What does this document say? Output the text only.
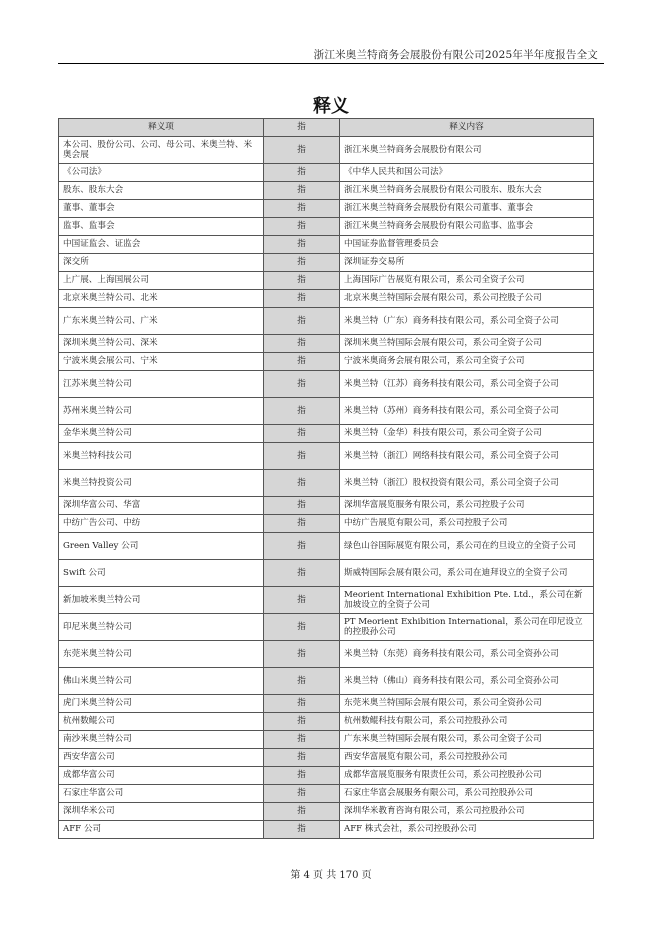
浙江米奥兰特商务会展股份有限公司2025年半年度报告全文
释义
释义项	指	释义内容
本公司、股份公司、公司、母公司、米奥兰特、米奥会展	指	浙江米奥兰特商务会展股份有限公司
《公司法》	指	《中华人民共和国公司法》
股东、股东大会	指	浙江米奥兰特商务会展股份有限公司股东、股东大会
董事、董事会	指	浙江米奥兰特商务会展股份有限公司董事、董事会
监事、监事会	指	浙江米奥兰特商务会展股份有限公司监事、监事会
中国证监会、证监会	指	中国证券监督管理委员会
深交所	指	深圳证券交易所
上广展、上海国展公司	指	上海国际广告展览有限公司，系公司全资子公司
北京米奥兰特公司、北米	指	北京米奥兰特国际会展有限公司，系公司控股子公司
广东米奥兰特公司、广米	指	米奥兰特（广东）商务科技有限公司，系公司全资子公司
深圳米奥兰特公司、深米	指	深圳米奥兰特国际会展有限公司，系公司全资子公司
宁波米奥会展公司、宁米	指	宁波米奥商务会展有限公司，系公司全资子公司
江苏米奥兰特公司	指	米奥兰特（江苏）商务科技有限公司，系公司全资子公司
苏州米奥兰特公司	指	米奥兰特（苏州）商务科技有限公司，系公司全资子公司
金华米奥兰特公司	指	米奥兰特（金华）科技有限公司，系公司全资子公司
米奥兰特科技公司	指	米奥兰特（浙江）网络科技有限公司，系公司全资子公司
米奥兰特投资公司	指	米奥兰特（浙江）股权投资有限公司，系公司全资子公司
深圳华富公司、华富	指	深圳华富展览服务有限公司，系公司控股子公司
中纺广告公司、中纺	指	中纺广告展览有限公司，系公司控股子公司
Green Valley 公司	指	绿色山谷国际展览有限公司，系公司在约旦设立的全资子公司
Swift 公司	指	斯威特国际会展有限公司，系公司在迪拜设立的全资子公司
新加坡米奥兰特公司	指	Meorient International Exhibition Pte. Ltd.，系公司在新加坡设立的全资子公司
印尼米奥兰特公司	指	PT Meorient Exhibition International，系公司在印尼设立的控股孙公司
东莞米奥兰特公司	指	米奥兰特（东莞）商务科技有限公司，系公司全资孙公司
佛山米奥兰特公司	指	米奥兰特（佛山）商务科技有限公司，系公司全资孙公司
虎门米奥兰特公司	指	东莞米奥兰特国际会展有限公司，系公司全资孙公司
杭州数鲲公司	指	杭州数鲲科技有限公司，系公司控股孙公司
南沙米奥兰特公司	指	广东米奥兰特国际会展有限公司，系公司全资子公司
西安华富公司	指	西安华富展览有限公司，系公司控股孙公司
成都华富公司	指	成都华富展览服务有限责任公司，系公司控股孙公司
石家庄华富公司	指	石家庄华富会展服务有限公司，系公司控股孙公司
深圳华米公司	指	深圳华米教育咨询有限公司，系公司控股孙公司
AFF 公司	指	AFF 株式会社，系公司控股孙公司
第 4 页 共 170 页
